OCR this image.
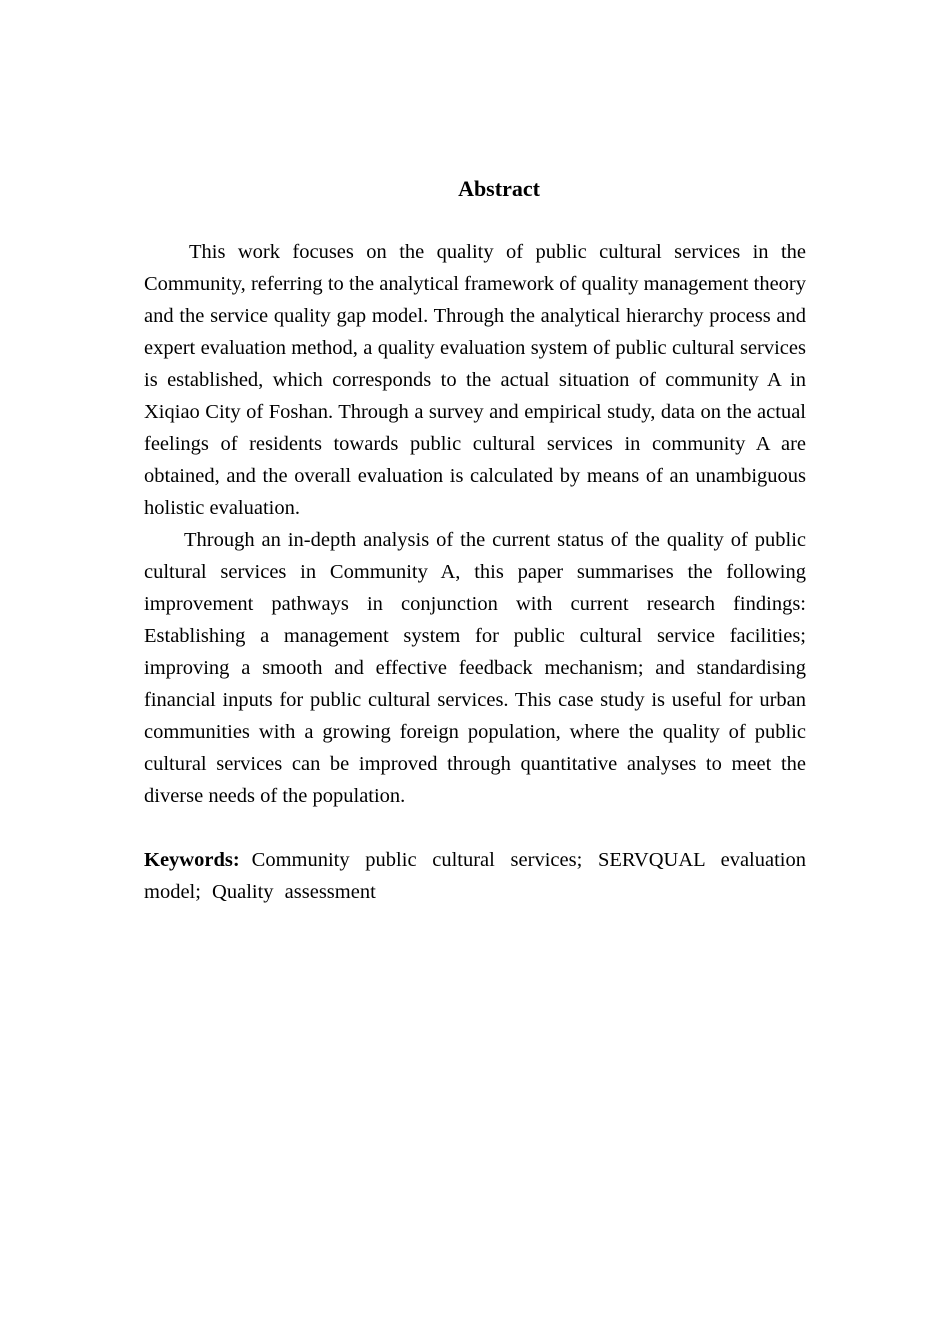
Abstract

This work focuses on the quality of public cultural services in the Community, referring to the analytical framework of quality management theory and the service quality gap model. Through the analytical hierarchy process and expert evaluation method, a quality evaluation system of public cultural services is established, which corresponds to the actual situation of community A in Xiqiao City of Foshan. Through a survey and empirical study, data on the actual feelings of residents towards public cultural services in community A are obtained, and the overall evaluation is calculated by means of an unambiguous holistic evaluation.

Through an in-depth analysis of the current status of the quality of public cultural services in Community A, this paper summarises the following improvement pathways in conjunction with current research findings: Establishing a management system for public cultural service facilities; improving a smooth and effective feedback mechanism; and standardising financial inputs for public cultural services. This case study is useful for urban communities with a growing foreign population, where the quality of public cultural services can be improved through quantitative analyses to meet the diverse needs of the population.

Keywords: Community public cultural services; SERVQUAL evaluation model; Quality assessment
